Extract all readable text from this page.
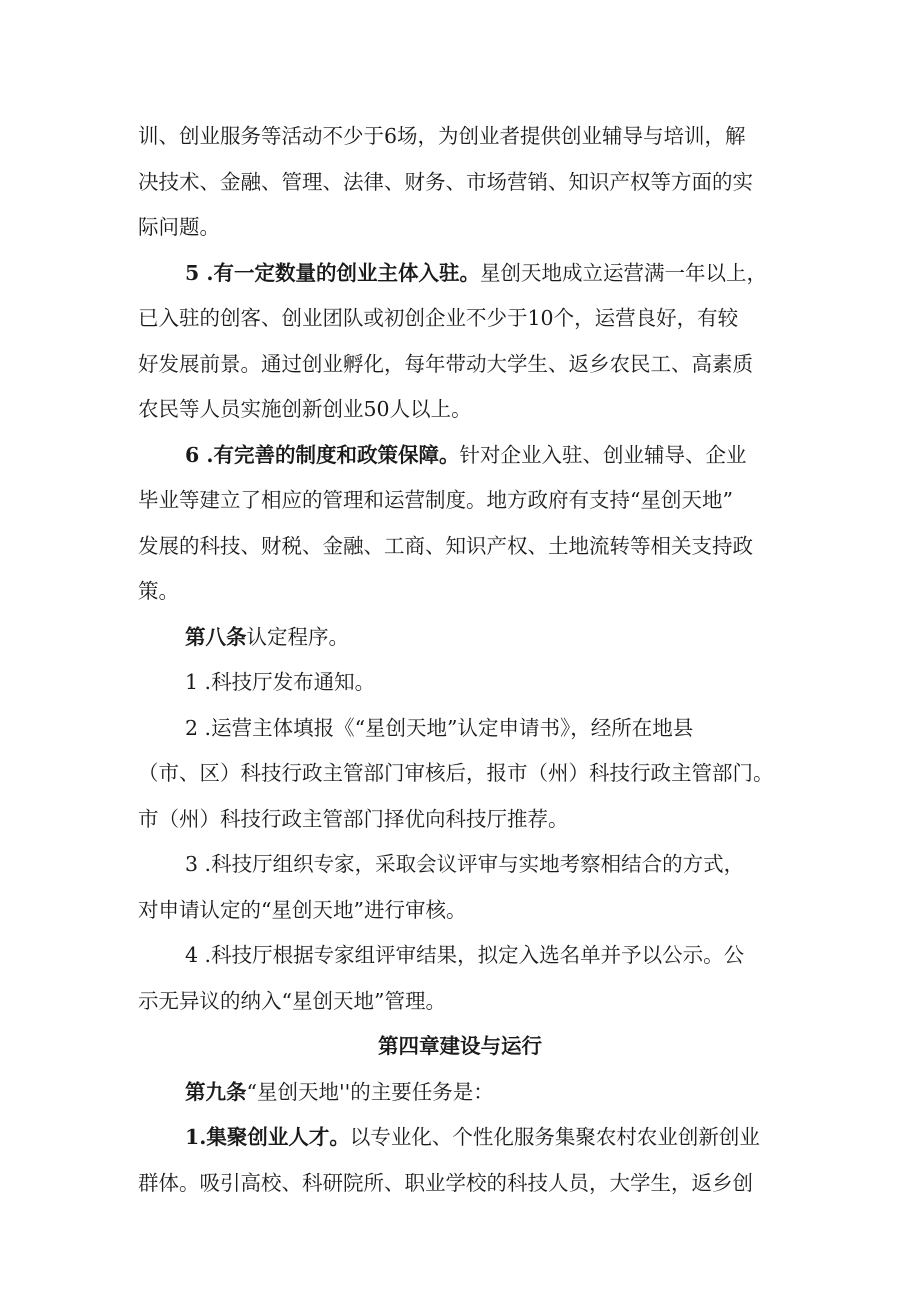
训、创业服务等活动不少于6场，为创业者提供创业辅导与培训，解
决技术、金融、管理、法律、财务、市场营销、知识产权等方面的实
际问题。
5 .有一定数量的创业主体入驻。星创天地成立运营满一年以上，
已入驻的创客、创业团队或初创企业不少于10个，运营良好，有较
好发展前景。通过创业孵化，每年带动大学生、返乡农民工、高素质
农民等人员实施创新创业50人以上。
6 .有完善的制度和政策保障。针对企业入驻、创业辅导、企业
毕业等建立了相应的管理和运营制度。地方政府有支持“星创天地”
发展的科技、财税、金融、工商、知识产权、土地流转等相关支持政
策。
第八条认定程序。
1 .科技厅发布通知。
2 .运营主体填报《“星创天地”认定申请书》，经所在地县
（市、区）科技行政主管部门审核后，报市（州）科技行政主管部门。
市（州）科技行政主管部门择优向科技厅推荐。
3 .科技厅组织专家，采取会议评审与实地考察相结合的方式，
对申请认定的“星创天地”进行审核。
4 .科技厅根据专家组评审结果，拟定入选名单并予以公示。公
示无异议的纳入“星创天地”管理。
第四章建设与运行
第九条“星创天地''的主要任务是：
1.集聚创业人才。以专业化、个性化服务集聚农村农业创新创业
群体。吸引高校、科研院所、职业学校的科技人员，大学生，返乡创
